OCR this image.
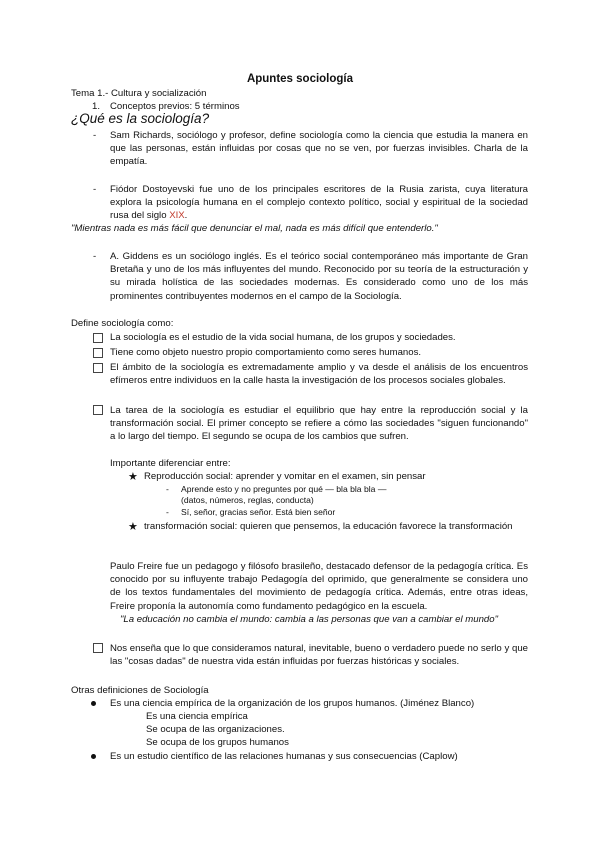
Apuntes sociología

Tema 1.- Cultura y socialización

1. Conceptos previos: 5 términos

¿Qué es la sociología?

-	Sam Richards, sociólogo y profesor, define sociología como la ciencia que estudia la manera en que las personas, están influidas por cosas que no se ven, por fuerzas invisibles. Charla de la empatía.

-	Fiódor Dostoyevski fue uno de los principales escritores de la Rusia zarista, cuya literatura explora la psicología humana en el complejo contexto político, social y espiritual de la sociedad rusa del siglo XIX.

"Mientras nada es más fácil que denunciar el mal, nada es más difícil que entenderlo."

-	A. Giddens es un sociólogo inglés. Es el teórico social contemporáneo más importante de Gran Bretaña y uno de los más influyentes del mundo. Reconocido por su teoría de la estructuración y su mirada holística de las sociedades modernas. Es considerado como uno de los más prominentes contribuyentes modernos en el campo de la Sociología.

Define sociología como:

La sociología es el estudio de la vida social humana, de los grupos y sociedades.

Tiene como objeto nuestro propio comportamiento como seres humanos.

El ámbito de la sociología es extremadamente amplio y va desde el análisis de los encuentros efímeros entre individuos en la calle hasta la investigación de los procesos sociales globales.

La tarea de la sociología es estudiar el equilibrio que hay entre la reproducción social y la transformación social. El primer concepto se refiere a cómo las sociedades "siguen funcionando" a lo largo del tiempo. El segundo se ocupa de los cambios que sufren.

Importante diferenciar entre:

★ Reproducción social: aprender y vomitar en el examen, sin pensar

- Aprende esto y no preguntes por qué — bla bla bla —

(datos, números, reglas, conducta)

- Sí, señor, gracias señor. Está bien señor

★ transformación social: quieren que pensemos, la educación favorece la transformación

Paulo Freire fue un pedagogo y filósofo brasileño, destacado defensor de la pedagogía crítica. Es conocido por su influyente trabajo Pedagogía del oprimido, que generalmente se considera uno de los textos fundamentales del movimiento de pedagogía crítica. Además, entre otras ideas, Freire proponía la autonomía como fundamento pedagógico en la escuela.

"La educación no cambia el mundo: cambia a las personas que van a cambiar el mundo"

Nos enseña que lo que consideramos natural, inevitable, bueno o verdadero puede no serlo y que las "cosas dadas" de nuestra vida están influidas por fuerzas históricas y sociales.

Otras definiciones de Sociología

Es una ciencia empírica de la organización de los grupos humanos. (Jiménez Blanco)

Es una ciencia empírica

Se ocupa de las organizaciones.

Se ocupa de los grupos humanos

Es un estudio científico de las relaciones humanas y sus consecuencias (Caplow)
